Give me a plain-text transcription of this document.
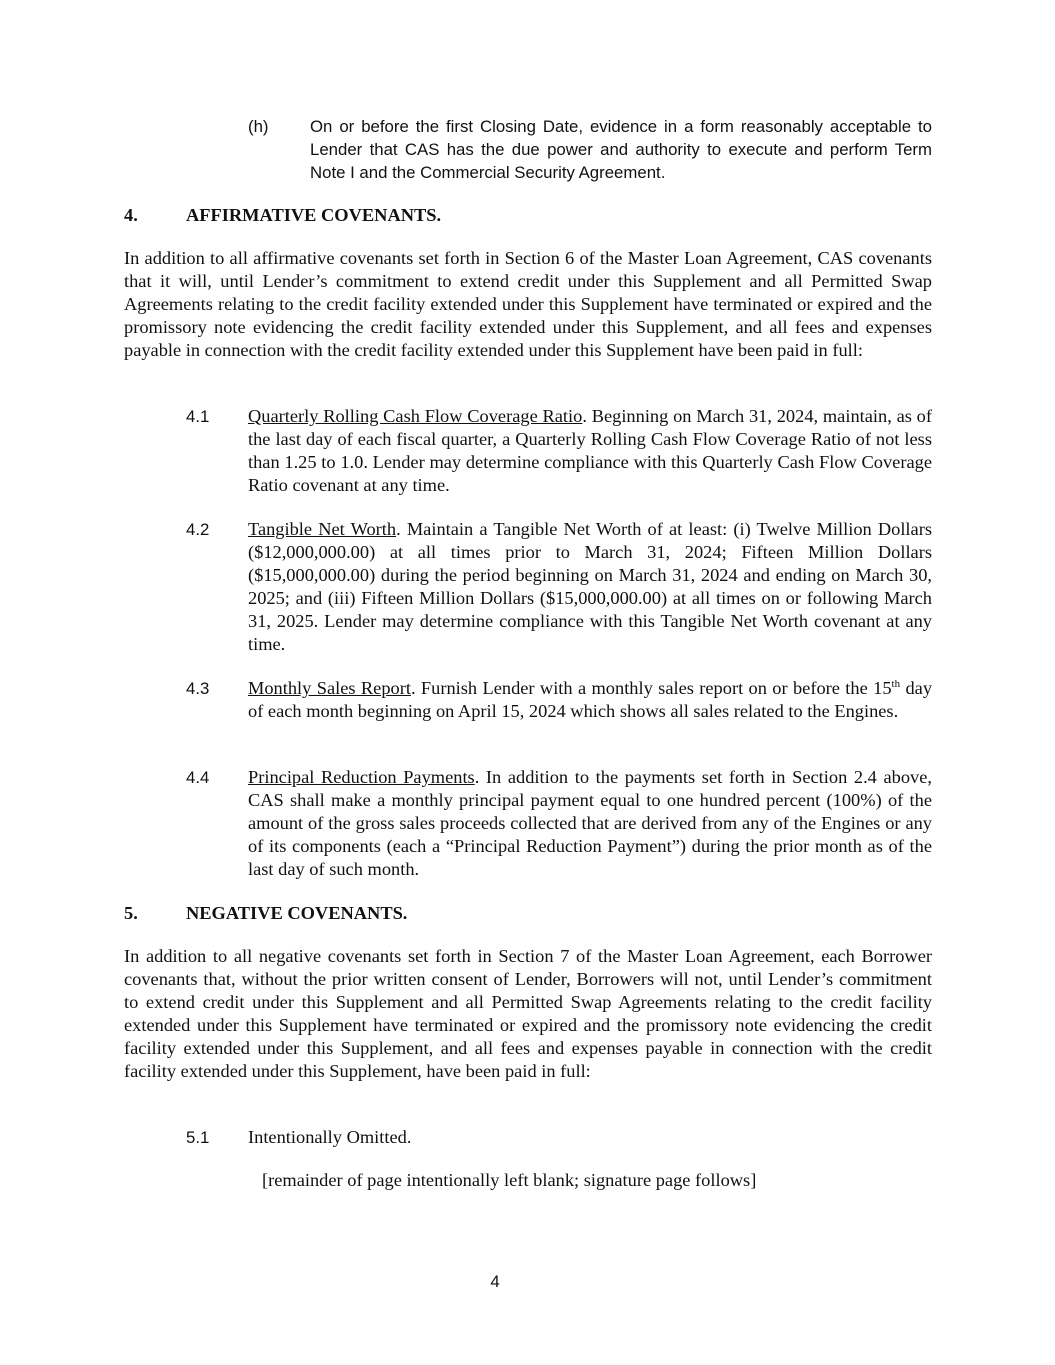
(h) On or before the first Closing Date, evidence in a form reasonably acceptable to Lender that CAS has the due power and authority to execute and perform Term Note I and the Commercial Security Agreement.
4.	AFFIRMATIVE COVENANTS.
In addition to all affirmative covenants set forth in Section 6 of the Master Loan Agreement, CAS covenants that it will, until Lender’s commitment to extend credit under this Supplement and all Permitted Swap Agreements relating to the credit facility extended under this Supplement have terminated or expired and the promissory note evidencing the credit facility extended under this Supplement, and all fees and expenses payable in connection with the credit facility extended under this Supplement have been paid in full:
4.1 Quarterly Rolling Cash Flow Coverage Ratio. Beginning on March 31, 2024, maintain, as of the last day of each fiscal quarter, a Quarterly Rolling Cash Flow Coverage Ratio of not less than 1.25 to 1.0. Lender may determine compliance with this Quarterly Cash Flow Coverage Ratio covenant at any time.
4.2 Tangible Net Worth. Maintain a Tangible Net Worth of at least: (i) Twelve Million Dollars ($12,000,000.00) at all times prior to March 31, 2024; Fifteen Million Dollars ($15,000,000.00) during the period beginning on March 31, 2024 and ending on March 30, 2025; and (iii) Fifteen Million Dollars ($15,000,000.00) at all times on or following March 31, 2025. Lender may determine compliance with this Tangible Net Worth covenant at any time.
4.3 Monthly Sales Report. Furnish Lender with a monthly sales report on or before the 15th day of each month beginning on April 15, 2024 which shows all sales related to the Engines.
4.4 Principal Reduction Payments. In addition to the payments set forth in Section 2.4 above, CAS shall make a monthly principal payment equal to one hundred percent (100%) of the amount of the gross sales proceeds collected that are derived from any of the Engines or any of its components (each a “Principal Reduction Payment”) during the prior month as of the last day of such month.
5.	NEGATIVE COVENANTS.
In addition to all negative covenants set forth in Section 7 of the Master Loan Agreement, each Borrower covenants that, without the prior written consent of Lender, Borrowers will not, until Lender’s commitment to extend credit under this Supplement and all Permitted Swap Agreements relating to the credit facility extended under this Supplement have terminated or expired and the promissory note evidencing the credit facility extended under this Supplement, and all fees and expenses payable in connection with the credit facility extended under this Supplement, have been paid in full:
5.1 Intentionally Omitted.
[remainder of page intentionally left blank; signature page follows]
4
